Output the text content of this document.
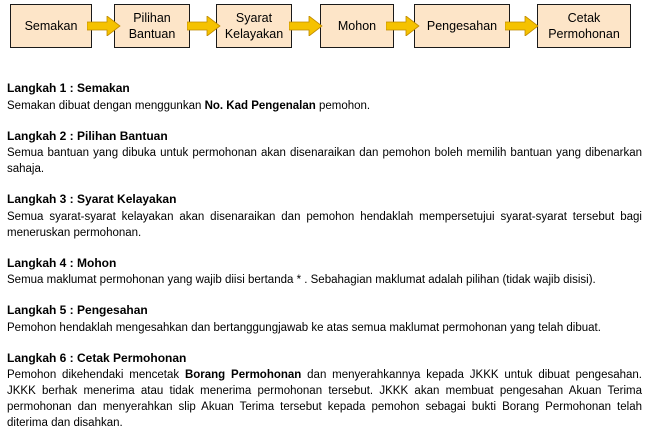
Semakan
Pilihan
Bantuan
Syarat
Kelayakan
Mohon	Pengesahan
Cetak
Permohonan

Langkah 1 : Semakan

Semakan dibuat dengan menggunkan No. Kad Pengenalan pemohon.

Langkah 2 : Pilihan Bantuan

Semua bantuan yang dibuka untuk permohonan akan disenaraikan dan pemohon boleh memilih bantuan yang dibenarkan sahaja.

Langkah 3 : Syarat Kelayakan

Semua syarat-syarat kelayakan akan disenaraikan dan pemohon hendaklah mempersetujui syarat-syarat tersebut bagi meneruskan permohonan.

Langkah 4 : Mohon

Semua maklumat permohonan yang wajib diisi bertanda * . Sebahagian maklumat adalah pilihan (tidak wajib disisi).

Langkah 5 : Pengesahan

Pemohon hendaklah mengesahkan dan bertanggungjawab ke atas semua maklumat permohonan yang telah dibuat.

Langkah 6 : Cetak Permohonan

Pemohon dikehendaki mencetak Borang Permohonan dan menyerahkannya kepada JKKK untuk dibuat pengesahan. JKKK berhak menerima atau tidak menerima permohonan tersebut. JKKK akan membuat pengesahan Akuan Terima permohonan dan menyerahkan slip Akuan Terima tersebut kepada pemohon sebagai bukti Borang Permohonan telah diterima dan disahkan.
